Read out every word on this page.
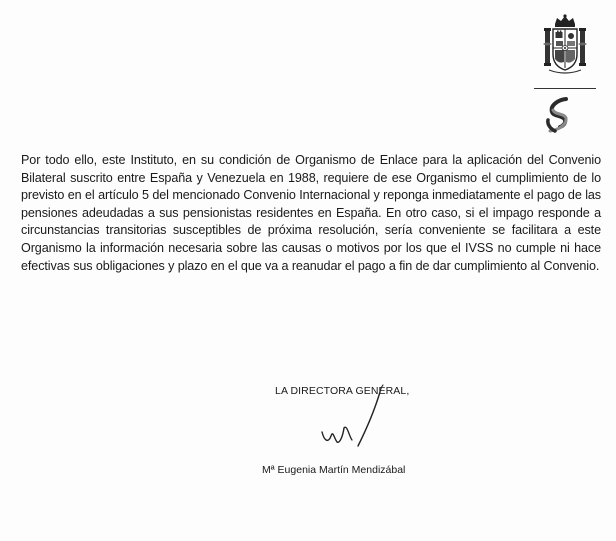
Por todo ello, este Instituto, en su condición de Organismo de Enlace para la aplicación del Convenio Bilateral suscrito entre España y Venezuela en 1988, requiere de ese Organismo el cumplimiento de lo previsto en el artículo 5 del mencionado Convenio Internacional y reponga inmediatamente el pago de las pensiones adeudadas a sus pensionistas residentes en España. En otro caso, si el impago responde a circunstancias transitorias susceptibles de próxima resolución, sería conveniente se facilitara a este Organismo la información necesaria sobre las causas o motivos por los que el IVSS no cumple ni hace efectivas sus obligaciones y plazo en el que va a reanudar el pago a fin de dar cumplimiento al Convenio.

LA DIRECTORA GENERAL,

Mª Eugenia Martín Mendizábal
